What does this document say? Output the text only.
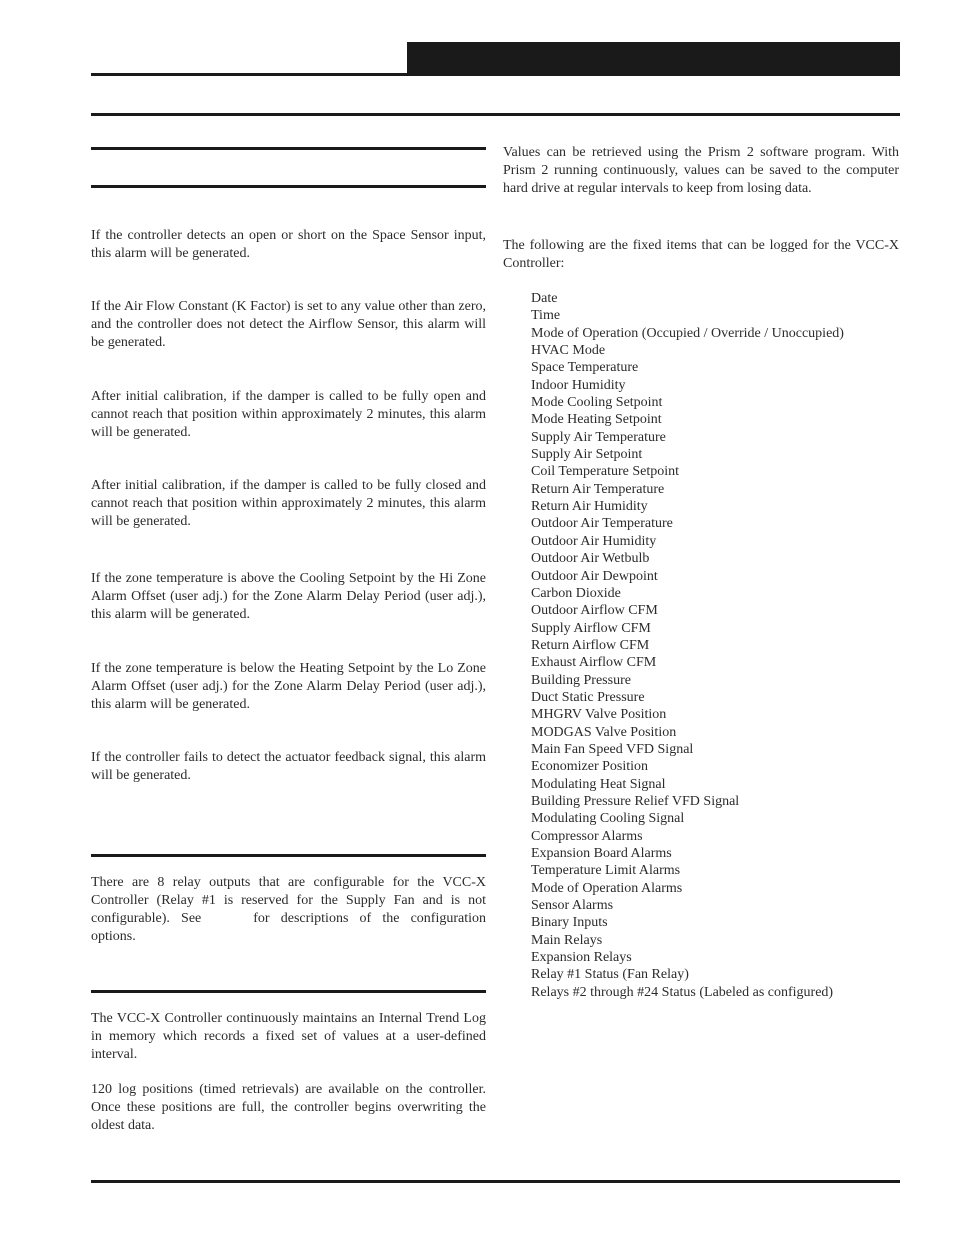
If the controller detects an open or short on the Space Sensor input, this alarm will be generated.

If the Air Flow Constant (K Factor) is set to any value other than zero, and the controller does not detect the Airflow Sensor, this alarm will be generated.

After initial calibration, if the damper is called to be fully open and cannot reach that position within approximately 2 minutes, this alarm will be generated.

After initial calibration, if the damper is called to be fully closed and cannot reach that position within approximately 2 minutes, this alarm will be generated.

If the zone temperature is above the Cooling Setpoint by the Hi Zone Alarm Offset (user adj.) for the Zone Alarm Delay Period (user adj.), this alarm will be generated.

If the zone temperature is below the Heating Setpoint by the Lo Zone Alarm Offset (user adj.) for the Zone Alarm Delay Period (user adj.), this alarm will be generated.

If the controller fails to detect the actuator feedback signal, this alarm will be generated.

There are 8 relay outputs that are configurable for the VCC-X Controller (Relay #1 is reserved for the Supply Fan and is not configurable). See	for descriptions of the configuration options.

The VCC-X Controller continuously maintains an Internal Trend Log in memory which records a fixed set of values at a user-defined interval.

120 log positions (timed retrievals) are available on the controller. Once these positions are full, the controller begins overwriting the oldest data.

Values can be retrieved using the Prism 2 software program. With Prism 2 running continuously, values can be saved to the computer hard drive at regular intervals to keep from losing data.

The following are the fixed items that can be logged for the VCC-X Controller:

Date
Time
Mode of Operation (Occupied / Override / Unoccupied)
HVAC Mode
Space Temperature
Indoor Humidity
Mode Cooling Setpoint
Mode Heating Setpoint
Supply Air Temperature
Supply Air Setpoint
Coil Temperature Setpoint
Return Air Temperature
Return Air Humidity
Outdoor Air Temperature
Outdoor Air Humidity
Outdoor Air Wetbulb
Outdoor Air Dewpoint
Carbon Dioxide
Outdoor Airflow CFM
Supply Airflow CFM
Return Airflow CFM
Exhaust Airflow CFM
Building Pressure
Duct Static Pressure
MHGRV Valve Position
MODGAS Valve Position
Main Fan Speed VFD Signal
Economizer Position
Modulating Heat Signal
Building Pressure Relief VFD Signal
Modulating Cooling Signal
Compressor Alarms
Expansion Board Alarms
Temperature Limit Alarms
Mode of Operation Alarms
Sensor Alarms
Binary Inputs
Main Relays
Expansion Relays
Relay #1 Status (Fan Relay)
Relays #2 through #24 Status (Labeled as configured)
